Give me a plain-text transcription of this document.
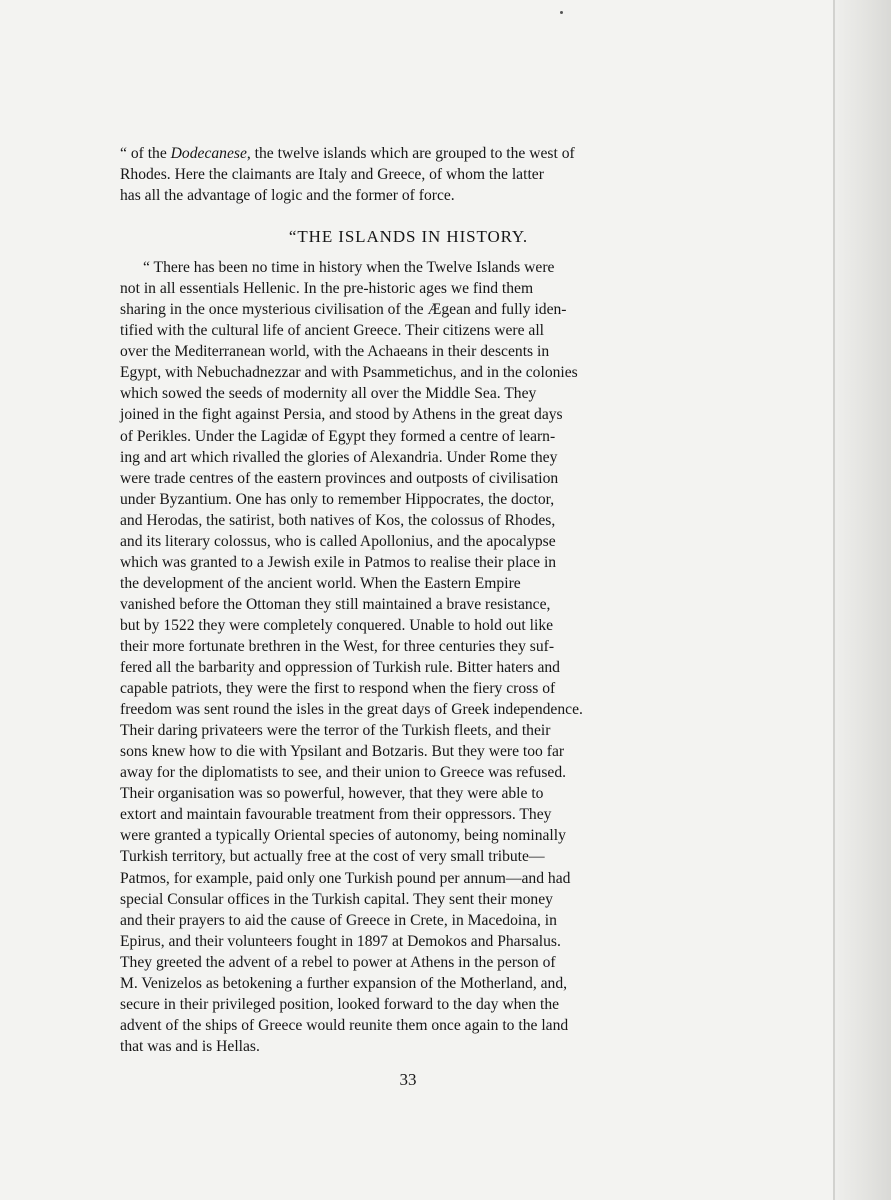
“ of the Dodecanese, the twelve islands which are grouped to the west of
Rhodes. Here the claimants are Italy and Greece, of whom the latter
has all the advantage of logic and the former of force.

“THE ISLANDS IN HISTORY.

“ There has been no time in history when the Twelve Islands were
not in all essentials Hellenic. In the pre-historic ages we find them
sharing in the once mysterious civilisation of the Ægean and fully iden-
tified with the cultural life of ancient Greece. Their citizens were all
over the Mediterranean world, with the Achaeans in their descents in
Egypt, with Nebuchadnezzar and with Psammetichus, and in the colonies
which sowed the seeds of modernity all over the Middle Sea. They
joined in the fight against Persia, and stood by Athens in the great days
of Perikles. Under the Lagidæ of Egypt they formed a centre of learn-
ing and art which rivalled the glories of Alexandria. Under Rome they
were trade centres of the eastern provinces and outposts of civilisation
under Byzantium. One has only to remember Hippocrates, the doctor,
and Herodas, the satirist, both natives of Kos, the colossus of Rhodes,
and its literary colossus, who is called Apollonius, and the apocalypse
which was granted to a Jewish exile in Patmos to realise their place in
the development of the ancient world. When the Eastern Empire
vanished before the Ottoman they still maintained a brave resistance,
but by 1522 they were completely conquered. Unable to hold out like
their more fortunate brethren in the West, for three centuries they suf-
fered all the barbarity and oppression of Turkish rule. Bitter haters and
capable patriots, they were the first to respond when the fiery cross of
freedom was sent round the isles in the great days of Greek independence.
Their daring privateers were the terror of the Turkish fleets, and their
sons knew how to die with Ypsilant and Botzaris. But they were too far
away for the diplomatists to see, and their union to Greece was refused.
Their organisation was so powerful, however, that they were able to
extort and maintain favourable treatment from their oppressors. They
were granted a typically Oriental species of autonomy, being nominally
Turkish territory, but actually free at the cost of very small tribute—
Patmos, for example, paid only one Turkish pound per annum—and had
special Consular offices in the Turkish capital. They sent their money
and their prayers to aid the cause of Greece in Crete, in Macedoina, in
Epirus, and their volunteers fought in 1897 at Demokos and Pharsalus.
They greeted the advent of a rebel to power at Athens in the person of
M. Venizelos as betokening a further expansion of the Motherland, and,
secure in their privileged position, looked forward to the day when the
advent of the ships of Greece would reunite them once again to the land
that was and is Hellas.

33
